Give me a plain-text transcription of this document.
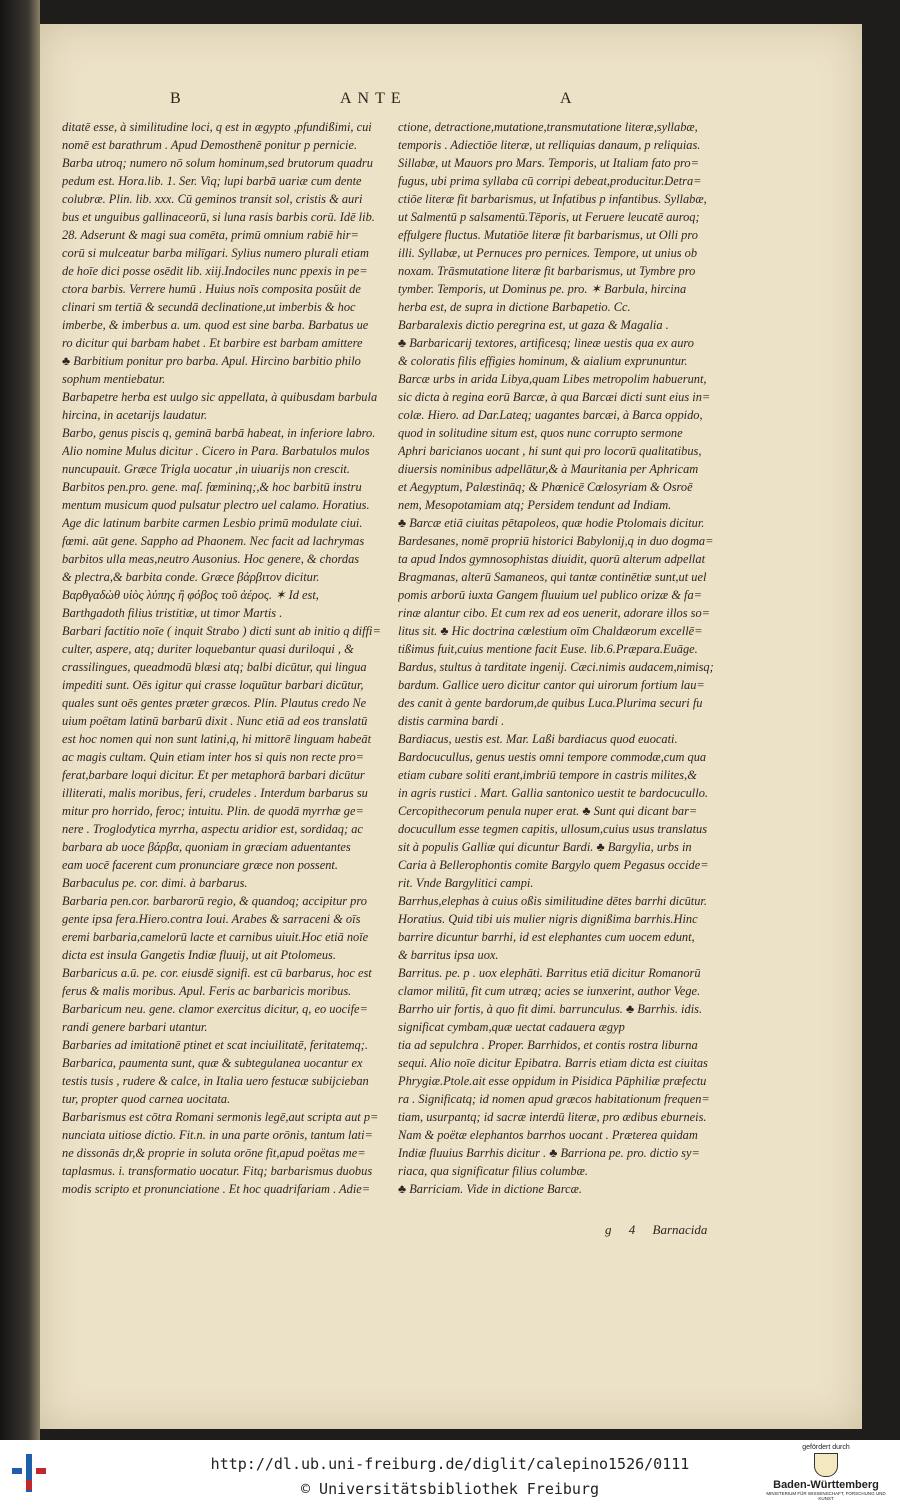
B	ANTE	A

ditatē esse, à similitudine loci, q est in ægypto ,pfundißimi, cui

nomē est barathrum . Apud Demosthenē ponitur p pernicie.

Barba utroq; numero nō solum hominum,sed brutorum quadru

pedum est. Hora.lib. 1. Ser. Viq; lupi barbā uariæ cum dente

colubræ. Plin. lib. xxx. Cū geminos transit sol, cristis & auri

bus et unguibus gallinaceorū, si luna rasis barbis corū. Idē lib.

28. Adserunt & magi sua comēta, primū omnium rabiē hir=

corū si mulceatur barba milīgari. Sylius numero plurali etiam

de hoīe dici posse osēdit lib. xiij.Indociles nunc ppexis in pe=

ctora barbis. Verrere humū . Huius noīs composita posŭit de

clinari sm tertiā & secundā declinatione,ut imberbis & hoc

imberbe, & imberbus a. um. quod est sine barba. Barbatus ue

ro dicitur qui barbam habet . Et barbire est barbam amittere

♣ Barbitium ponitur pro barba. Apul. Hircino barbitio philo

sophum mentiebatur.

Barbapetre herba est uulgo sic appellata, à quibusdam barbula

hircina, in acetarijs laudatur.

Barbo, genus piscis q, geminā barbā habeat, in inferiore labro.

Alio nomine Mulus dicitur . Cicero in Para. Barbatulos mulos

nuncupauit. Græce Trigla uocatur ,in uiuarijs non crescit.

Barbitos pen.pro. gene. maſ. fœmininq;,& hoc barbitū instru

mentum musicum quod pulsatur plectro uel calamo. Horatius.

Age dic latinum barbite carmen Lesbio primū modulate ciui.

fœmi. aūt gene. Sappho ad Phaonem. Nec facit ad lachrymas

barbitos ulla meas,neutro Ausonius. Hoc genere, & chordas

& plectra,& barbita conde. Græce βάρβιτον dicitur.

Βαρθγαδὼθ υἱὸς λύπης ἢ φόβος τοῦ ἀέρος. ✶ Id est,

Barthgadoth filius tristitiæ, ut timor Martis .

Barbari factitio noīe ( inquit Strabo ) dicti sunt ab initio q diffi=

culter, aspere, atq; duriter loquebantur quasi duriloqui , &

crassilingues, queadmodū blæsi atq; balbi dicūtur, qui lingua

impediti sunt. Oēs igitur qui crasse loquūtur barbari dicūtur,

quales sunt oēs gentes præter græcos. Plin. Plautus credo Ne

uium poëtam latinū barbarū dixit . Nunc etiā ad eos translatū

est hoc nomen qui non sunt latini,q, hi mittorē linguam habeāt

ac magis cultam. Quin etiam inter hos si quis non recte pro=

ferat,barbare loqui dicitur. Et per metaphorā barbari dicūtur

illiterati, malis moribus, feri, crudeles . Interdum barbarus su

mitur pro horrido, feroc; intuitu. Plin. de quodā myrrhæ ge=

nere . Troglodytica myrrha, aspectu aridior est, sordidaq; ac

barbara ab uoce βάρβα, quoniam in græciam aduentantes

eam uocē facerent cum pronunciare græce non possent.

Barbaculus pe. cor. dimi. à barbarus.

Barbaria pen.cor. barbarorū regio, & quandoq; accipitur pro

gente ipsa fera.Hiero.contra Ioui. Arabes & sarraceni & oīs

eremi barbaria,camelorū lacte et carnibus uiuit.Hoc etiā noīe

dicta est insula Gangetis Indiæ fluuij, ut ait Ptolomeus.

Barbaricus a.ū. pe. cor. eiusdē signifi. est cū barbarus, hoc est

ferus & malis moribus. Apul. Feris ac barbaricis moribus.

Barbaricum neu. gene. clamor exercitus dicitur, q, eo uocife=

randi genere barbari utantur.

Barbaries ad imitationē ptinet et scat inciuilitatē, feritatemq;.

Barbarica, paumenta sunt, quæ & subtegulanea uocantur ex

testis tusis , rudere & calce, in Italia uero festucæ subijcieban

tur, propter quod carnea uocitata.

Barbarismus est cōtra Romani sermonis legē,aut scripta aut p=

nunciata uitiose dictio. Fit.n. in una parte orōnis, tantum lati=

ne dissonās dr,& proprie in soluta orōne fit,apud poëtas me=

taplasmus. i. transformatio uocatur. Fitq; barbarismus duobus

modis scripto et pronunciatione . Et hoc quadrifariam . Adie=

ctione, detractione,mutatione,transmutatione literæ,syllabæ,

temporis . Adiectiōe literæ, ut relliquias danaum, p reliquias.

Sillabæ, ut Mauors pro Mars. Temporis, ut Italiam fato pro=

fugus, ubi prima syllaba cū corripi debeat,producitur.Detra=

ctiōe literæ fit barbarismus, ut Infatibus p infantibus. Syllabæ,

ut Salmentū p salsamentū.Tēporis, ut Feruere leucatē auroq;

effulgere fluctus. Mutatiōe literæ fit barbarismus, ut Olli pro

illi. Syllabæ, ut Pernuces pro pernices. Tempore, ut unius ob

noxam. Trāsmutatione literæ fit barbarismus, ut Tymbre pro

tymber. Temporis, ut Dominus pe. pro. ✶ Barbula, hircina

herba est, de supra in dictione Barbapetio. Cc.

Barbaralexis dictio peregrina est, ut gaza & Magalia .

♣ Barbaricarij textores, artificesq; lineæ uestis qua ex auro

& coloratis filis effigies hominum, & aialium exprununtur.

Barcæ urbs in arida Libya,quam Libes metropolim habuerunt,

sic dicta à regina eorū Barcæ, à qua Barcæi dicti sunt eius in=

colæ. Hiero. ad Dar.Lateq; uagantes barcæi, à Barca oppido,

quod in solitudine situm est, quos nunc corrupto sermone

Aphri baricianos uocant , hi sunt qui pro locorū qualitatibus,

diuersis nominibus adpellātur,& à Mauritania per Aphricam

et Aegyptum, Palæstināq; & Phœnicē Cœlosyriam & Osroē

nem, Mesopotamiam atq; Persidem tendunt ad Indiam.

♣ Barcæ etiā ciuitas pētapoleos, quæ hodie Ptolomais dicitur.

Bardesanes, nomē propriū historici Babylonij,q in duo dogma=

ta apud Indos gymnosophistas diuidit, quorū alterum adpellat

Bragmanas, alterū Samaneos, qui tantæ continētiæ sunt,ut uel

pomis arborū iuxta Gangem fluuium uel publico orizæ & fa=

rinæ alantur cibo. Et cum rex ad eos uenerit, adorare illos so=

litus sit. ♣ Hic doctrina cœlestium oīm Chaldæorum excellē=

tißimus fuit,cuius mentione facit Euse. lib.6.Præpara.Euāge.

Bardus, stultus à tarditate ingenij. Cæci.nimis audacem,nimisq;

bardum. Gallice uero dicitur cantor qui uirorum fortium lau=

des canit à gente bardorum,de quibus Luca.Plurima securi fu

distis carmina bardi .

Bardiacus, uestis est. Mar. Laßi bardiacus quod euocati.

Bardocucullus, genus uestis omni tempore commodæ,cum qua

etiam cubare soliti erant,imbriū tempore in castris milites,&

in agris rustici . Mart. Gallia santonico uestit te bardocucullo.

Cercopithecorum penula nuper erat. ♣ Sunt qui dicant bar=

docucullum esse tegmen capitis, ullosum,cuius usus translatus

sit à populis Galliæ qui dicuntur Bardi. ♣ Bargylia, urbs in

Caria à Bellerophontis comite Bargylo quem Pegasus occide=

rit. Vnde Bargylitici campi.

Barrhus,elephas à cuius oßis similitudine dētes barrhi dicūtur.

Horatius. Quid tibi uis mulier nigris dignißima barrhis.Hinc

barrire dicuntur barrhi, id est elephantes cum uocem edunt,

& barritus ipsa uox.

Barritus. pe. p . uox elephāti. Barritus etiā dicitur Romanorū

clamor militū, fit cum utræq; acies se iunxerint, author Vege.

Barrho uir fortis, à quo fit dimi. barrunculus. ♣ Barrhis. idis.

significat cymbam,quæ uectat cadauera ægyp

tia ad sepulchra . Proper. Barrhidos, et contis rostra liburna

sequi. Alio noīe dicitur Epibatra. Barris etiam dicta est ciuitas

Phrygiæ.Ptole.ait esse oppidum in Pisidica Pāphiliæ præfectu

ra . Significatq; id nomen apud græcos habitationum frequen=

tiam, usurpantq; id sacræ interdū literæ, pro ædibus eburneis.

Nam & poëtæ elephantos barrhos uocant . Præterea quidam

Indiæ fluuius Barrhis dicitur . ♣ Barriona pe. pro. dictio sy=

riaca, qua significatur filius columbæ.

♣ Barriciam. Vide in dictione Barcæ.

g 4 Barnacida
http://dl.ub.uni-freiburg.de/diglit/calepino1526/0111
© Universitätsbibliothek Freiburg
gefördert durch
Baden-Württemberg
MINISTERIUM FÜR WISSENSCHAFT, FORSCHUNG UND KUNST
